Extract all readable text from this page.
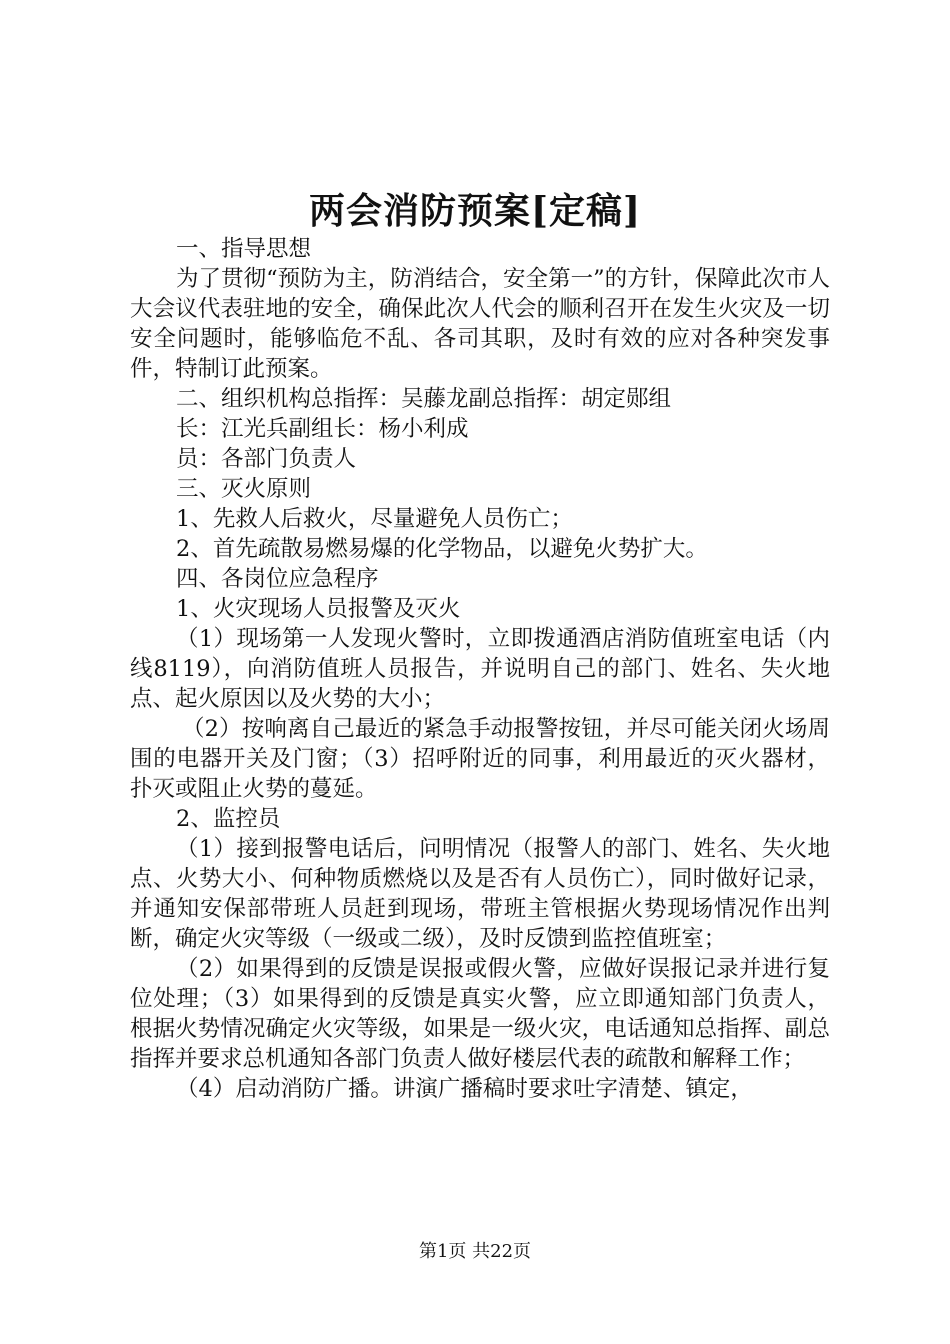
两会消防预案[定稿]

一、指导思想

为了贯彻“预防为主，防消结合，安全第一”的方针，保障此次市人大会议代表驻地的安全，确保此次人代会的顺利召开在发生火灾及一切安全问题时，能够临危不乱、各司其职，及时有效的应对各种突发事件，特制订此预案。

二、组织机构总指挥：吴藤龙副总指挥：胡定郧组

长：江光兵副组长：杨小利成

员：各部门负责人

三、灭火原则

1、先救人后救火，尽量避免人员伤亡；

2、首先疏散易燃易爆的化学物品，以避免火势扩大。

四、各岗位应急程序

1、火灾现场人员报警及灭火

（1）现场第一人发现火警时，立即拨通酒店消防值班室电话（内线8119），向消防值班人员报告，并说明自己的部门、姓名、失火地点、起火原因以及火势的大小；

（2）按响离自己最近的紧急手动报警按钮，并尽可能关闭火场周围的电器开关及门窗；（3）招呼附近的同事，利用最近的灭火器材，扑灭或阻止火势的蔓延。

2、监控员

（1）接到报警电话后，问明情况（报警人的部门、姓名、失火地点、火势大小、何种物质燃烧以及是否有人员伤亡），同时做好记录，并通知安保部带班人员赶到现场，带班主管根据火势现场情况作出判断，确定火灾等级（一级或二级），及时反馈到监控值班室；

（2）如果得到的反馈是误报或假火警，应做好误报记录并进行复位处理；（3）如果得到的反馈是真实火警，应立即通知部门负责人，根据火势情况确定火灾等级，如果是一级火灾，电话通知总指挥、副总指挥并要求总机通知各部门负责人做好楼层代表的疏散和解释工作；

（4）启动消防广播。讲演广播稿时要求吐字清楚、镇定，

第1页 共22页
